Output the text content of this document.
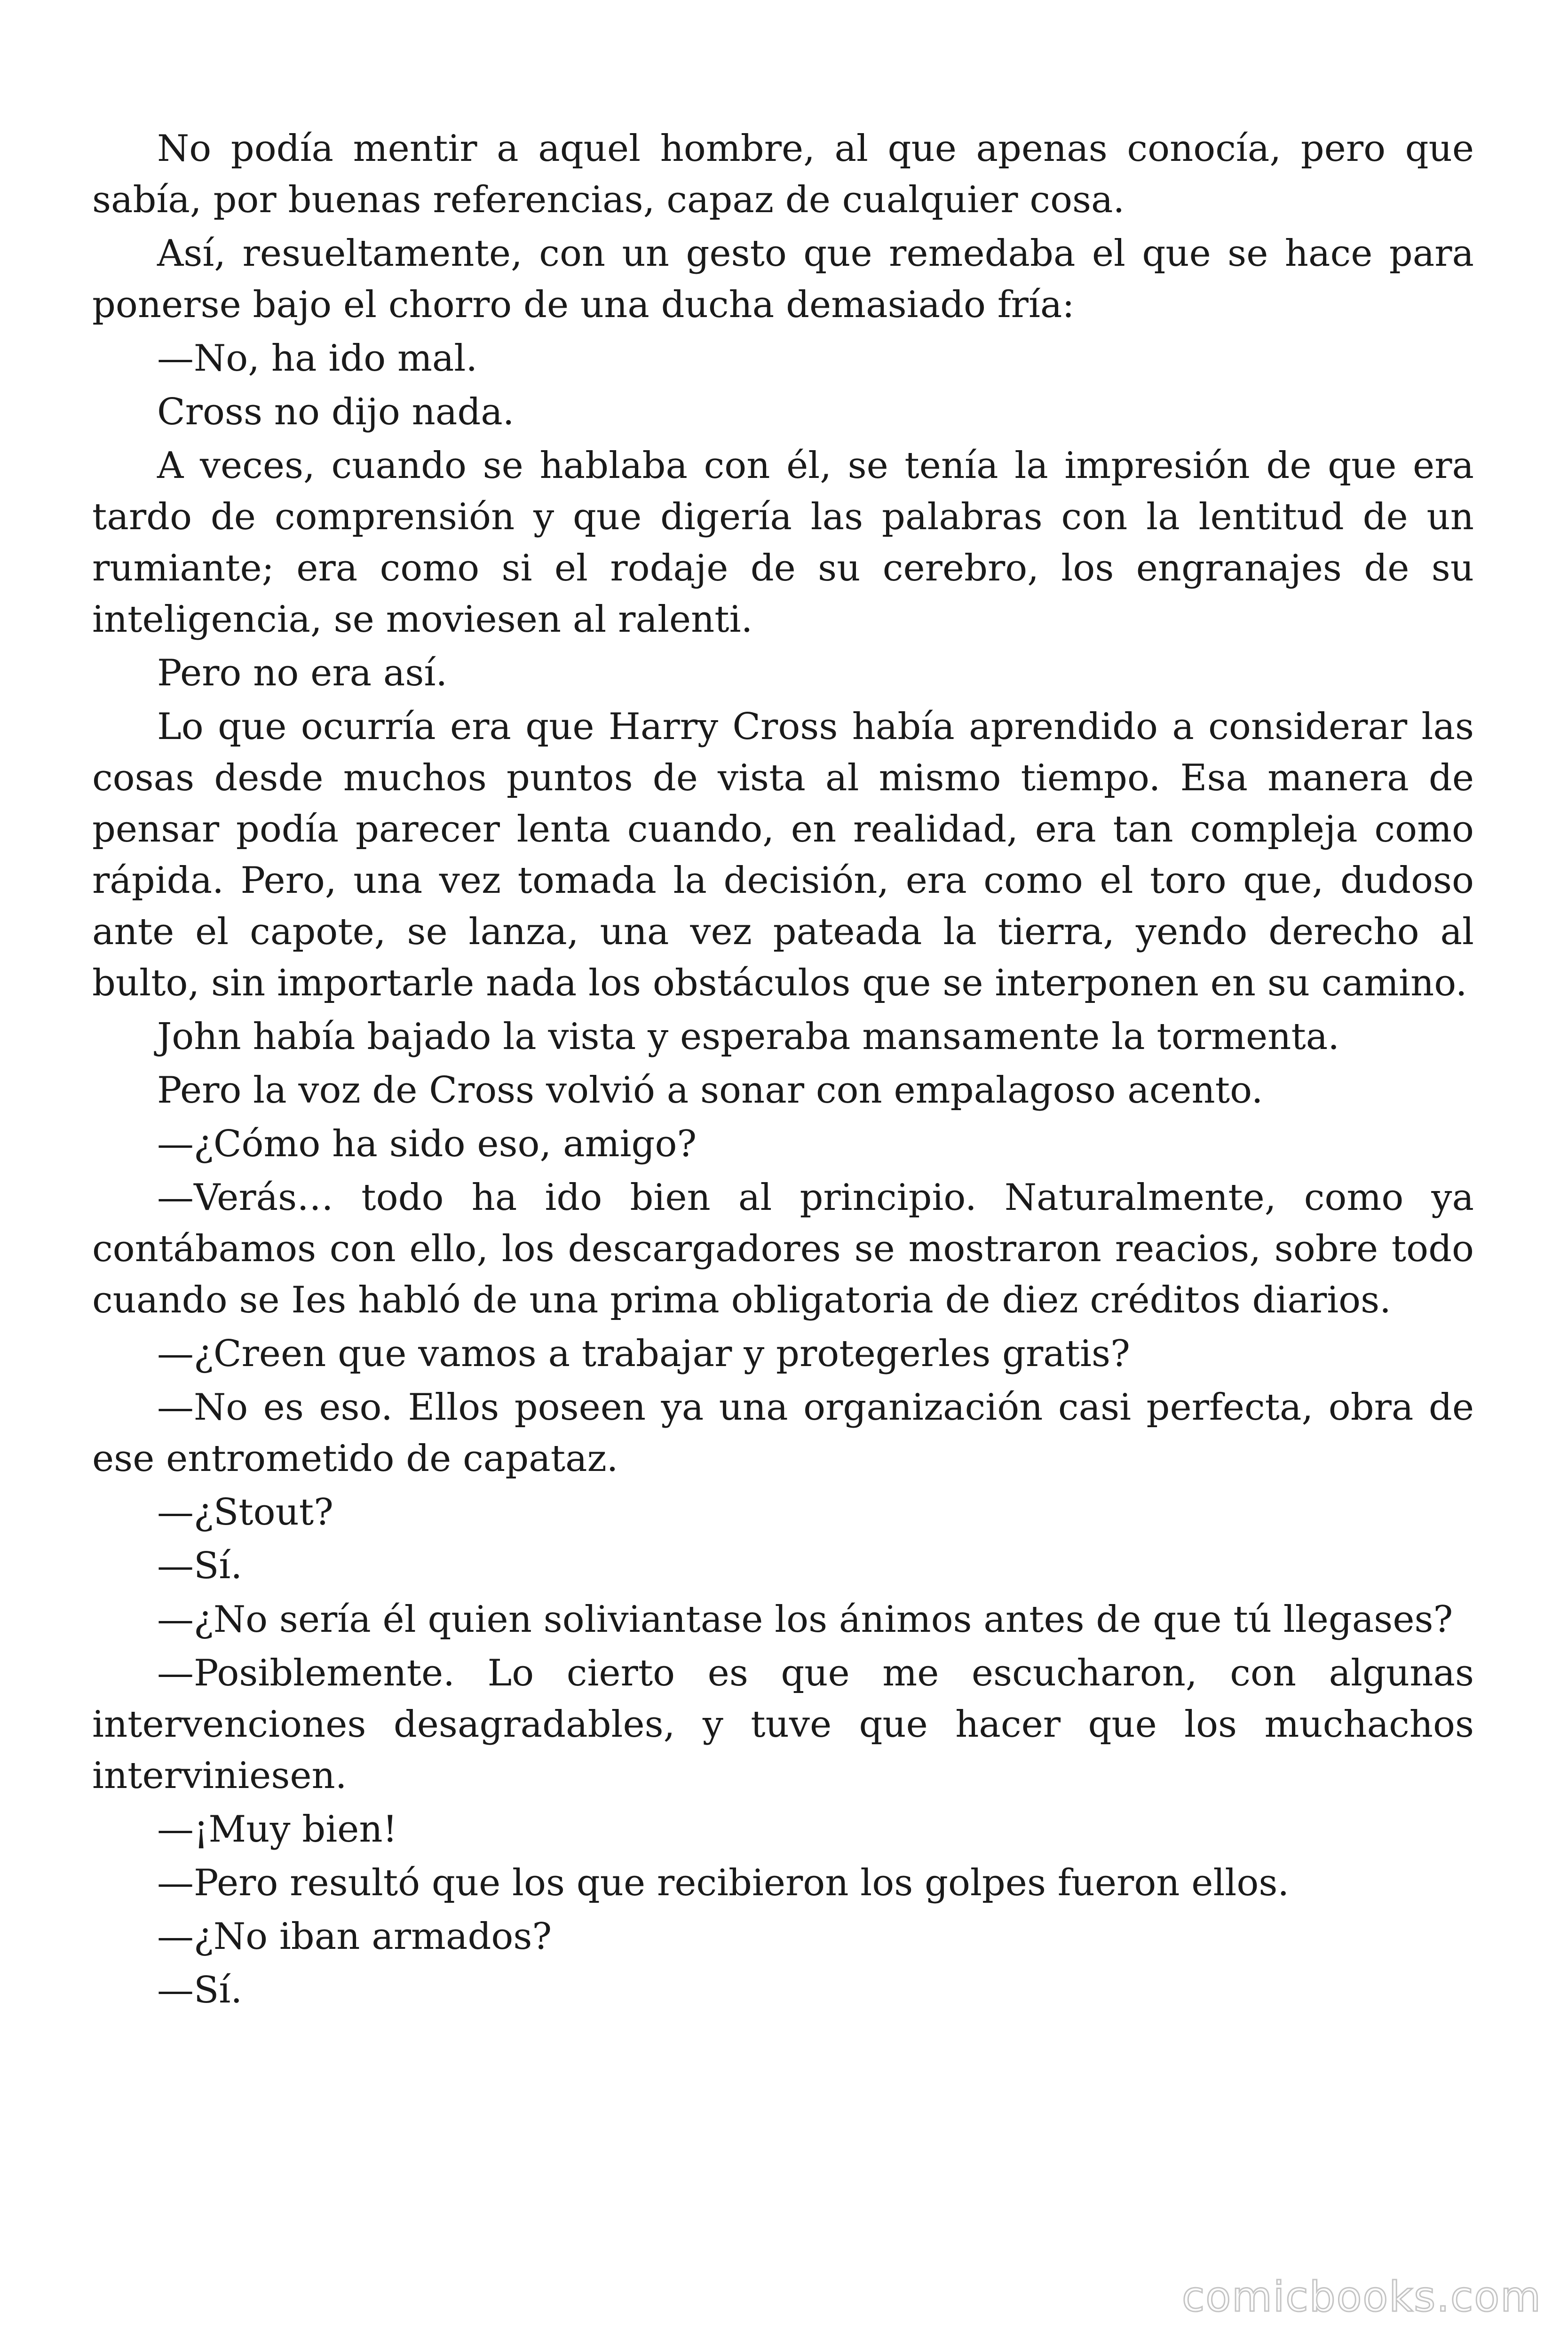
No podía mentir a aquel hombre, al que apenas conocía, pero que sabía, por buenas referencias, capaz de cualquier cosa.

Así, resueltamente, con un gesto que remedaba el que se hace para ponerse bajo el chorro de una ducha demasiado fría:

—No, ha ido mal.

Cross no dijo nada.

A veces, cuando se hablaba con él, se tenía la impresión de que era tardo de comprensión y que digería las palabras con la lentitud de un rumiante; era como si el rodaje de su cerebro, los engranajes de su inteligencia, se moviesen al ralenti.

Pero no era así.

Lo que ocurría era que Harry Cross había aprendido a considerar las cosas desde muchos puntos de vista al mismo tiempo. Esa manera de pensar podía parecer lenta cuando, en realidad, era tan compleja como rápida. Pero, una vez tomada la decisión, era como el toro que, dudoso ante el capote, se lanza, una vez pateada la tierra, yendo derecho al bulto, sin importarle nada los obstáculos que se interponen en su camino.

John había bajado la vista y esperaba mansamente la tormenta.

Pero la voz de Cross volvió a sonar con empalagoso acento.

—¿Cómo ha sido eso, amigo?

—Verás… todo ha ido bien al principio. Naturalmente, como ya contábamos con ello, los descargadores se mostraron reacios, sobre todo cuando se Ies habló de una prima obligatoria de diez créditos diarios.

—¿Creen que vamos a trabajar y protegerles gratis?

—No es eso. Ellos poseen ya una organización casi perfecta, obra de ese entrometido de capataz.

—¿Stout?

—Sí.

—¿No sería él quien soliviantase los ánimos antes de que tú llegases?

—Posiblemente. Lo cierto es que me escucharon, con algunas intervenciones desagradables, y tuve que hacer que los muchachos interviniesen.

—¡Muy bien!

—Pero resultó que los que recibieron los golpes fueron ellos.

—¿No iban armados?

—Sí.

comicbooks.com
